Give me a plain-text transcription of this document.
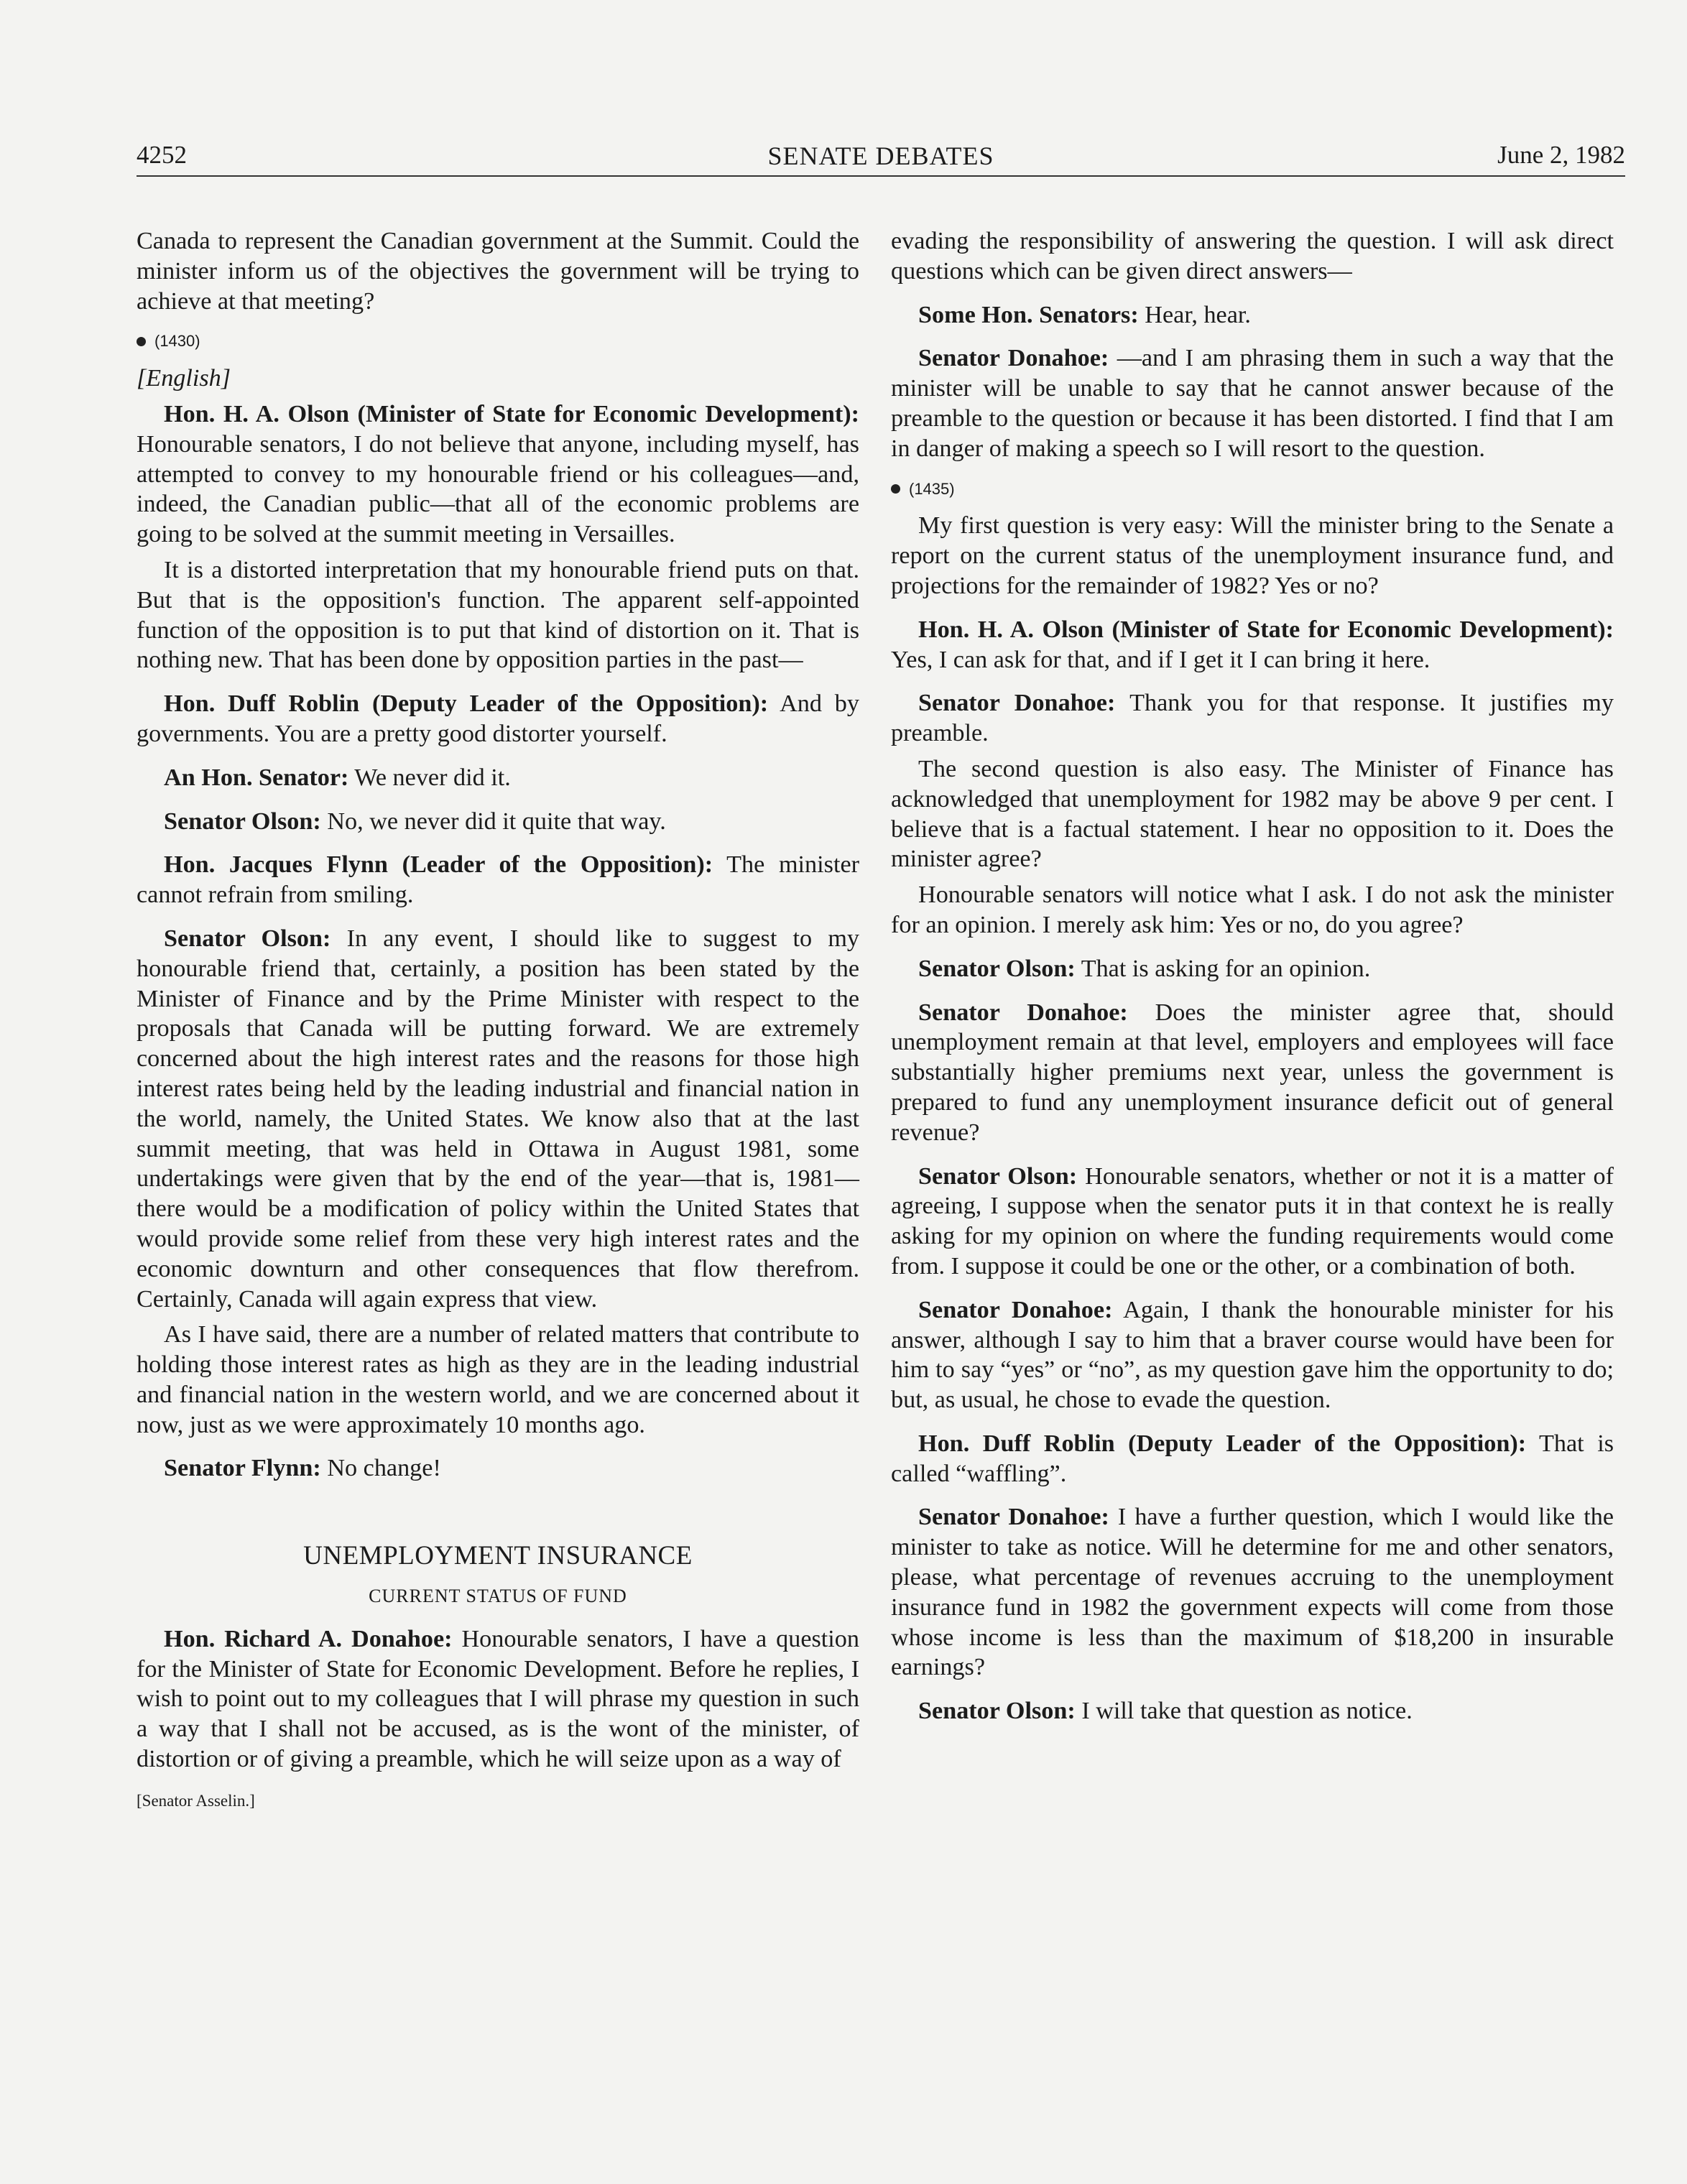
4252	SENATE DEBATES	June 2, 1982

Canada to represent the Canadian government at the Summit. Could the minister inform us of the objectives the government will be trying to achieve at that meeting?

(1430)

[English]

Hon. H. A. Olson (Minister of State for Economic Development): Honourable senators, I do not believe that anyone, including myself, has attempted to convey to my honourable friend or his colleagues—and, indeed, the Canadian public—that all of the economic problems are going to be solved at the summit meeting in Versailles.

It is a distorted interpretation that my honourable friend puts on that. But that is the opposition's function. The apparent self-appointed function of the opposition is to put that kind of distortion on it. That is nothing new. That has been done by opposition parties in the past—

Hon. Duff Roblin (Deputy Leader of the Opposition): And by governments. You are a pretty good distorter yourself.

An Hon. Senator: We never did it.

Senator Olson: No, we never did it quite that way.

Hon. Jacques Flynn (Leader of the Opposition): The minister cannot refrain from smiling.

Senator Olson: In any event, I should like to suggest to my honourable friend that, certainly, a position has been stated by the Minister of Finance and by the Prime Minister with respect to the proposals that Canada will be putting forward. We are extremely concerned about the high interest rates and the reasons for those high interest rates being held by the leading industrial and financial nation in the world, namely, the United States. We know also that at the last summit meeting, that was held in Ottawa in August 1981, some undertakings were given that by the end of the year—that is, 1981—there would be a modification of policy within the United States that would provide some relief from these very high interest rates and the economic downturn and other consequences that flow therefrom. Certainly, Canada will again express that view.

As I have said, there are a number of related matters that contribute to holding those interest rates as high as they are in the leading industrial and financial nation in the western world, and we are concerned about it now, just as we were approximately 10 months ago.

Senator Flynn: No change!

UNEMPLOYMENT INSURANCE
CURRENT STATUS OF FUND

Hon. Richard A. Donahoe: Honourable senators, I have a question for the Minister of State for Economic Development. Before he replies, I wish to point out to my colleagues that I will phrase my question in such a way that I shall not be accused, as is the wont of the minister, of distortion or of giving a preamble, which he will seize upon as a way of

[Senator Asselin.]

evading the responsibility of answering the question. I will ask direct questions which can be given direct answers—

Some Hon. Senators: Hear, hear.

Senator Donahoe: —and I am phrasing them in such a way that the minister will be unable to say that he cannot answer because of the preamble to the question or because it has been distorted. I find that I am in danger of making a speech so I will resort to the question.

(1435)

My first question is very easy: Will the minister bring to the Senate a report on the current status of the unemployment insurance fund, and projections for the remainder of 1982? Yes or no?

Hon. H. A. Olson (Minister of State for Economic Development): Yes, I can ask for that, and if I get it I can bring it here.

Senator Donahoe: Thank you for that response. It justifies my preamble.

The second question is also easy. The Minister of Finance has acknowledged that unemployment for 1982 may be above 9 per cent. I believe that is a factual statement. I hear no opposition to it. Does the minister agree?

Honourable senators will notice what I ask. I do not ask the minister for an opinion. I merely ask him: Yes or no, do you agree?

Senator Olson: That is asking for an opinion.

Senator Donahoe: Does the minister agree that, should unemployment remain at that level, employers and employees will face substantially higher premiums next year, unless the government is prepared to fund any unemployment insurance deficit out of general revenue?

Senator Olson: Honourable senators, whether or not it is a matter of agreeing, I suppose when the senator puts it in that context he is really asking for my opinion on where the funding requirements would come from. I suppose it could be one or the other, or a combination of both.

Senator Donahoe: Again, I thank the honourable minister for his answer, although I say to him that a braver course would have been for him to say “yes” or “no”, as my question gave him the opportunity to do; but, as usual, he chose to evade the question.

Hon. Duff Roblin (Deputy Leader of the Opposition): That is called “waffling”.

Senator Donahoe: I have a further question, which I would like the minister to take as notice. Will he determine for me and other senators, please, what percentage of revenues accruing to the unemployment insurance fund in 1982 the government expects will come from those whose income is less than the maximum of $18,200 in insurable earnings?

Senator Olson: I will take that question as notice.
